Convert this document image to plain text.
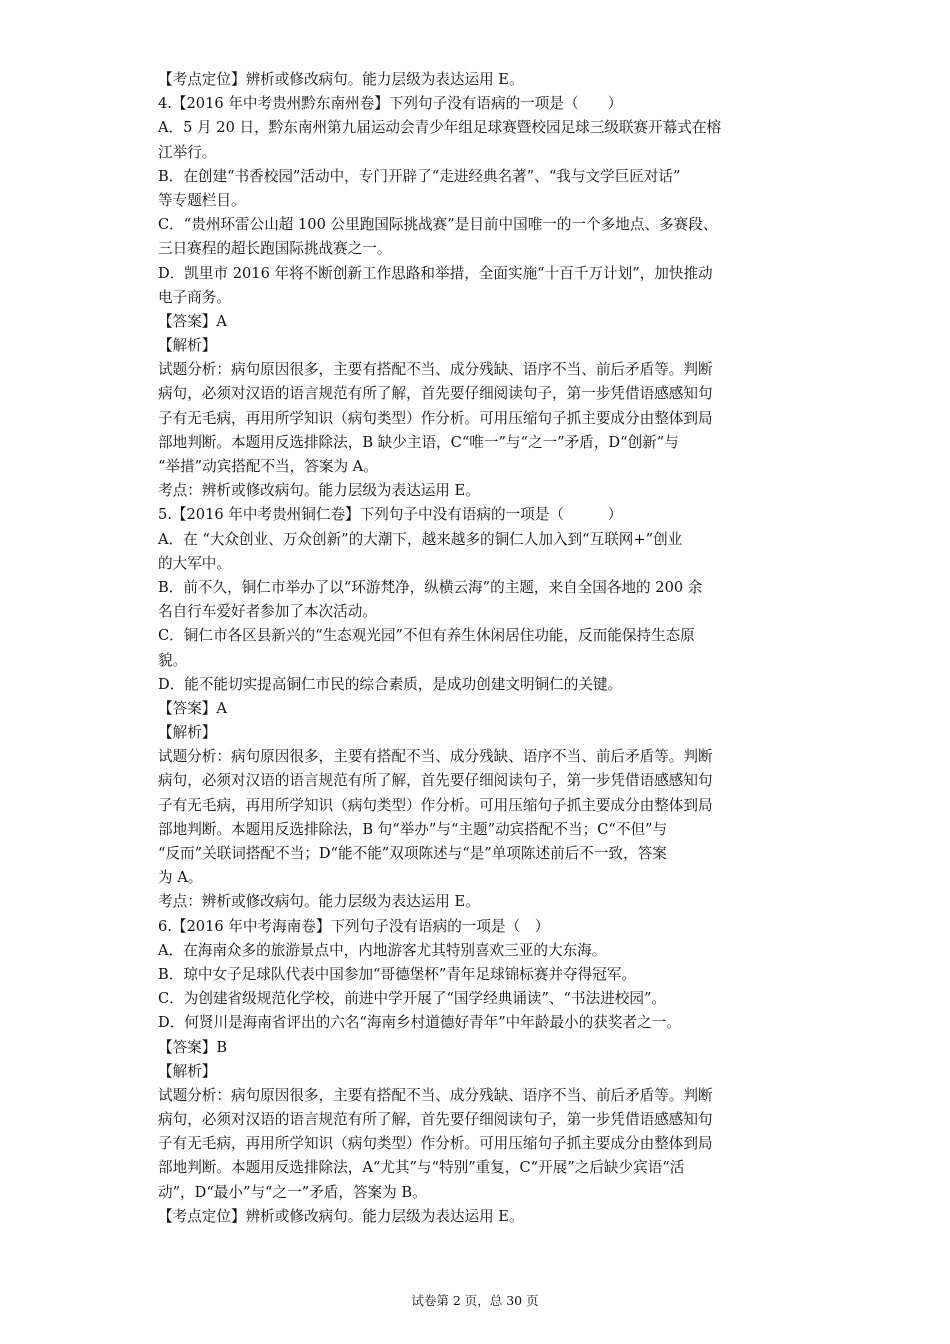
【考点定位】辨析或修改病句。能力层级为表达运用 E。
4.【2016 年中考贵州黔东南州卷】下列句子没有语病的一项是（　　）
A．5 月 20 日，黔东南州第九届运动会青少年组足球赛暨校园足球三级联赛开幕式在榕
江举行。
B．在创建“书香校园”活动中，专门开辟了“走进经典名著”、“我与文学巨匠对话”
等专题栏目。
C．“贵州环雷公山超 100 公里跑国际挑战赛”是目前中国唯一的一个多地点、多赛段、
三日赛程的超长跑国际挑战赛之一。
D．凯里市 2016 年将不断创新工作思路和举措，全面实施“十百千万计划”，加快推动
电子商务。
【答案】A
【解析】
试题分析：病句原因很多，主要有搭配不当、成分残缺、语序不当、前后矛盾等。判断
病句，必须对汉语的语言规范有所了解，首先要仔细阅读句子，第一步凭借语感感知句
子有无毛病，再用所学知识（病句类型）作分析。可用压缩句子抓主要成分由整体到局
部地判断。本题用反选排除法，B 缺少主语，C“唯一”与“之一”矛盾，D“创新”与
“举措”动宾搭配不当，答案为 A。
考点：辨析或修改病句。能力层级为表达运用 E。
5.【2016 年中考贵州铜仁卷】下列句子中没有语病的一项是（　　　）
A．在 “大众创业、万众创新”的大潮下，越来越多的铜仁人加入到“互联网+”创业
的大军中。
B．前不久，铜仁市举办了以“环游梵净，纵横云海”的主题，来自全国各地的 200 余
名自行车爱好者参加了本次活动。
C．铜仁市各区县新兴的“生态观光园”不但有养生休闲居住功能，反而能保持生态原
貌。
D．能不能切实提高铜仁市民的综合素质，是成功创建文明铜仁的关键。
【答案】A
【解析】
试题分析：病句原因很多，主要有搭配不当、成分残缺、语序不当、前后矛盾等。判断
病句，必须对汉语的语言规范有所了解，首先要仔细阅读句子，第一步凭借语感感知句
子有无毛病，再用所学知识（病句类型）作分析。可用压缩句子抓主要成分由整体到局
部地判断。本题用反选排除法，B 句“举办”与“主题”动宾搭配不当；C“不但”与
“反而”关联词搭配不当；D“能不能”双项陈述与“是”单项陈述前后不一致，答案
为 A。
考点：辨析或修改病句。能力层级为表达运用 E。
6.【2016 年中考海南卷】下列句子没有语病的一项是（　）
A．在海南众多的旅游景点中，内地游客尤其特别喜欢三亚的大东海。
B．琼中女子足球队代表中国参加“哥德堡杯”青年足球锦标赛并夺得冠军。
C．为创建省级规范化学校，前进中学开展了“国学经典诵读”、“书法进校园”。
D．何贤川是海南省评出的六名“海南乡村道德好青年”中年龄最小的获奖者之一。
【答案】B
【解析】
试题分析：病句原因很多，主要有搭配不当、成分残缺、语序不当、前后矛盾等。判断
病句，必须对汉语的语言规范有所了解，首先要仔细阅读句子，第一步凭借语感感知句
子有无毛病，再用所学知识（病句类型）作分析。可用压缩句子抓主要成分由整体到局
部地判断。本题用反选排除法，A“尤其”与“特别”重复，C“开展”之后缺少宾语“活
动”，D“最小”与“之一”矛盾，答案为 B。
【考点定位】辨析或修改病句。能力层级为表达运用 E。
试卷第 2 页，总 30 页
